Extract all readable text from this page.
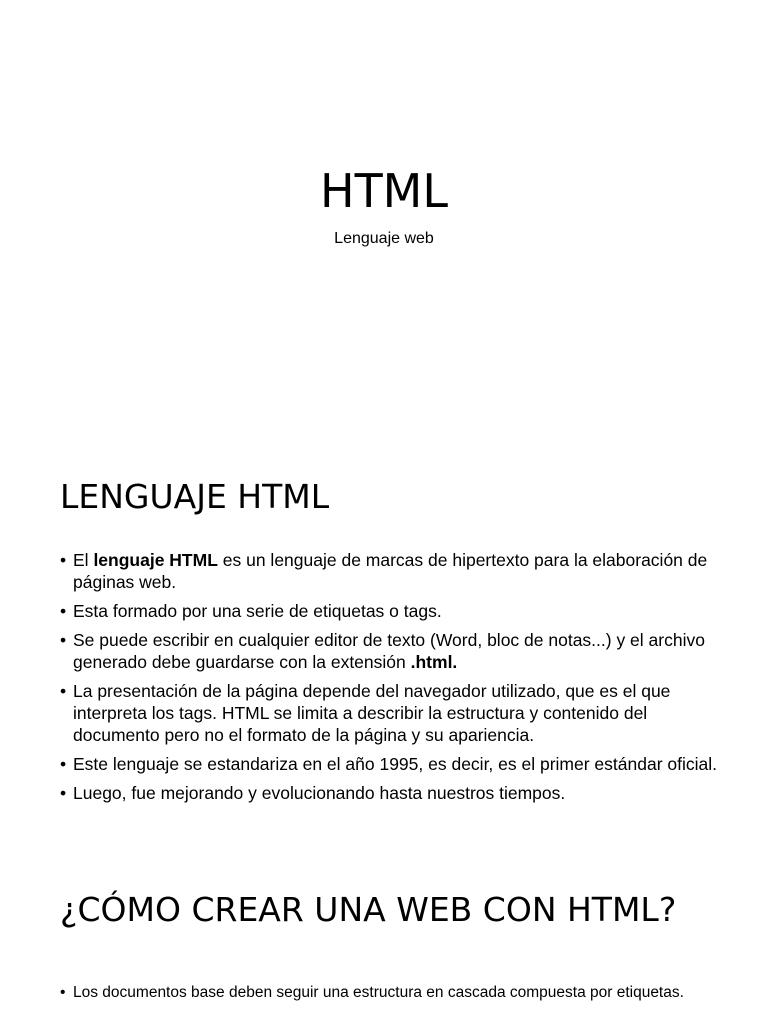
HTML
Lenguaje web
LENGUAJE HTML
• El lenguaje HTML es un lenguaje de marcas de hipertexto para la elaboración de páginas web.
• Esta formado por una serie de etiquetas o tags.
• Se puede escribir en cualquier editor de texto (Word, bloc de notas...) y el archivo generado debe guardarse con la extensión .html.
• La presentación de la página depende del navegador utilizado, que es el que interpreta los tags. HTML se limita a describir la estructura y contenido del documento pero no el formato de la página y su apariencia.
• Este lenguaje se estandariza en el año 1995, es decir, es el primer estándar oficial.
• Luego, fue mejorando y evolucionando hasta nuestros tiempos.
¿CÓMO CREAR UNA WEB CON HTML?
• Los documentos base deben seguir una estructura en cascada compuesta por etiquetas.
